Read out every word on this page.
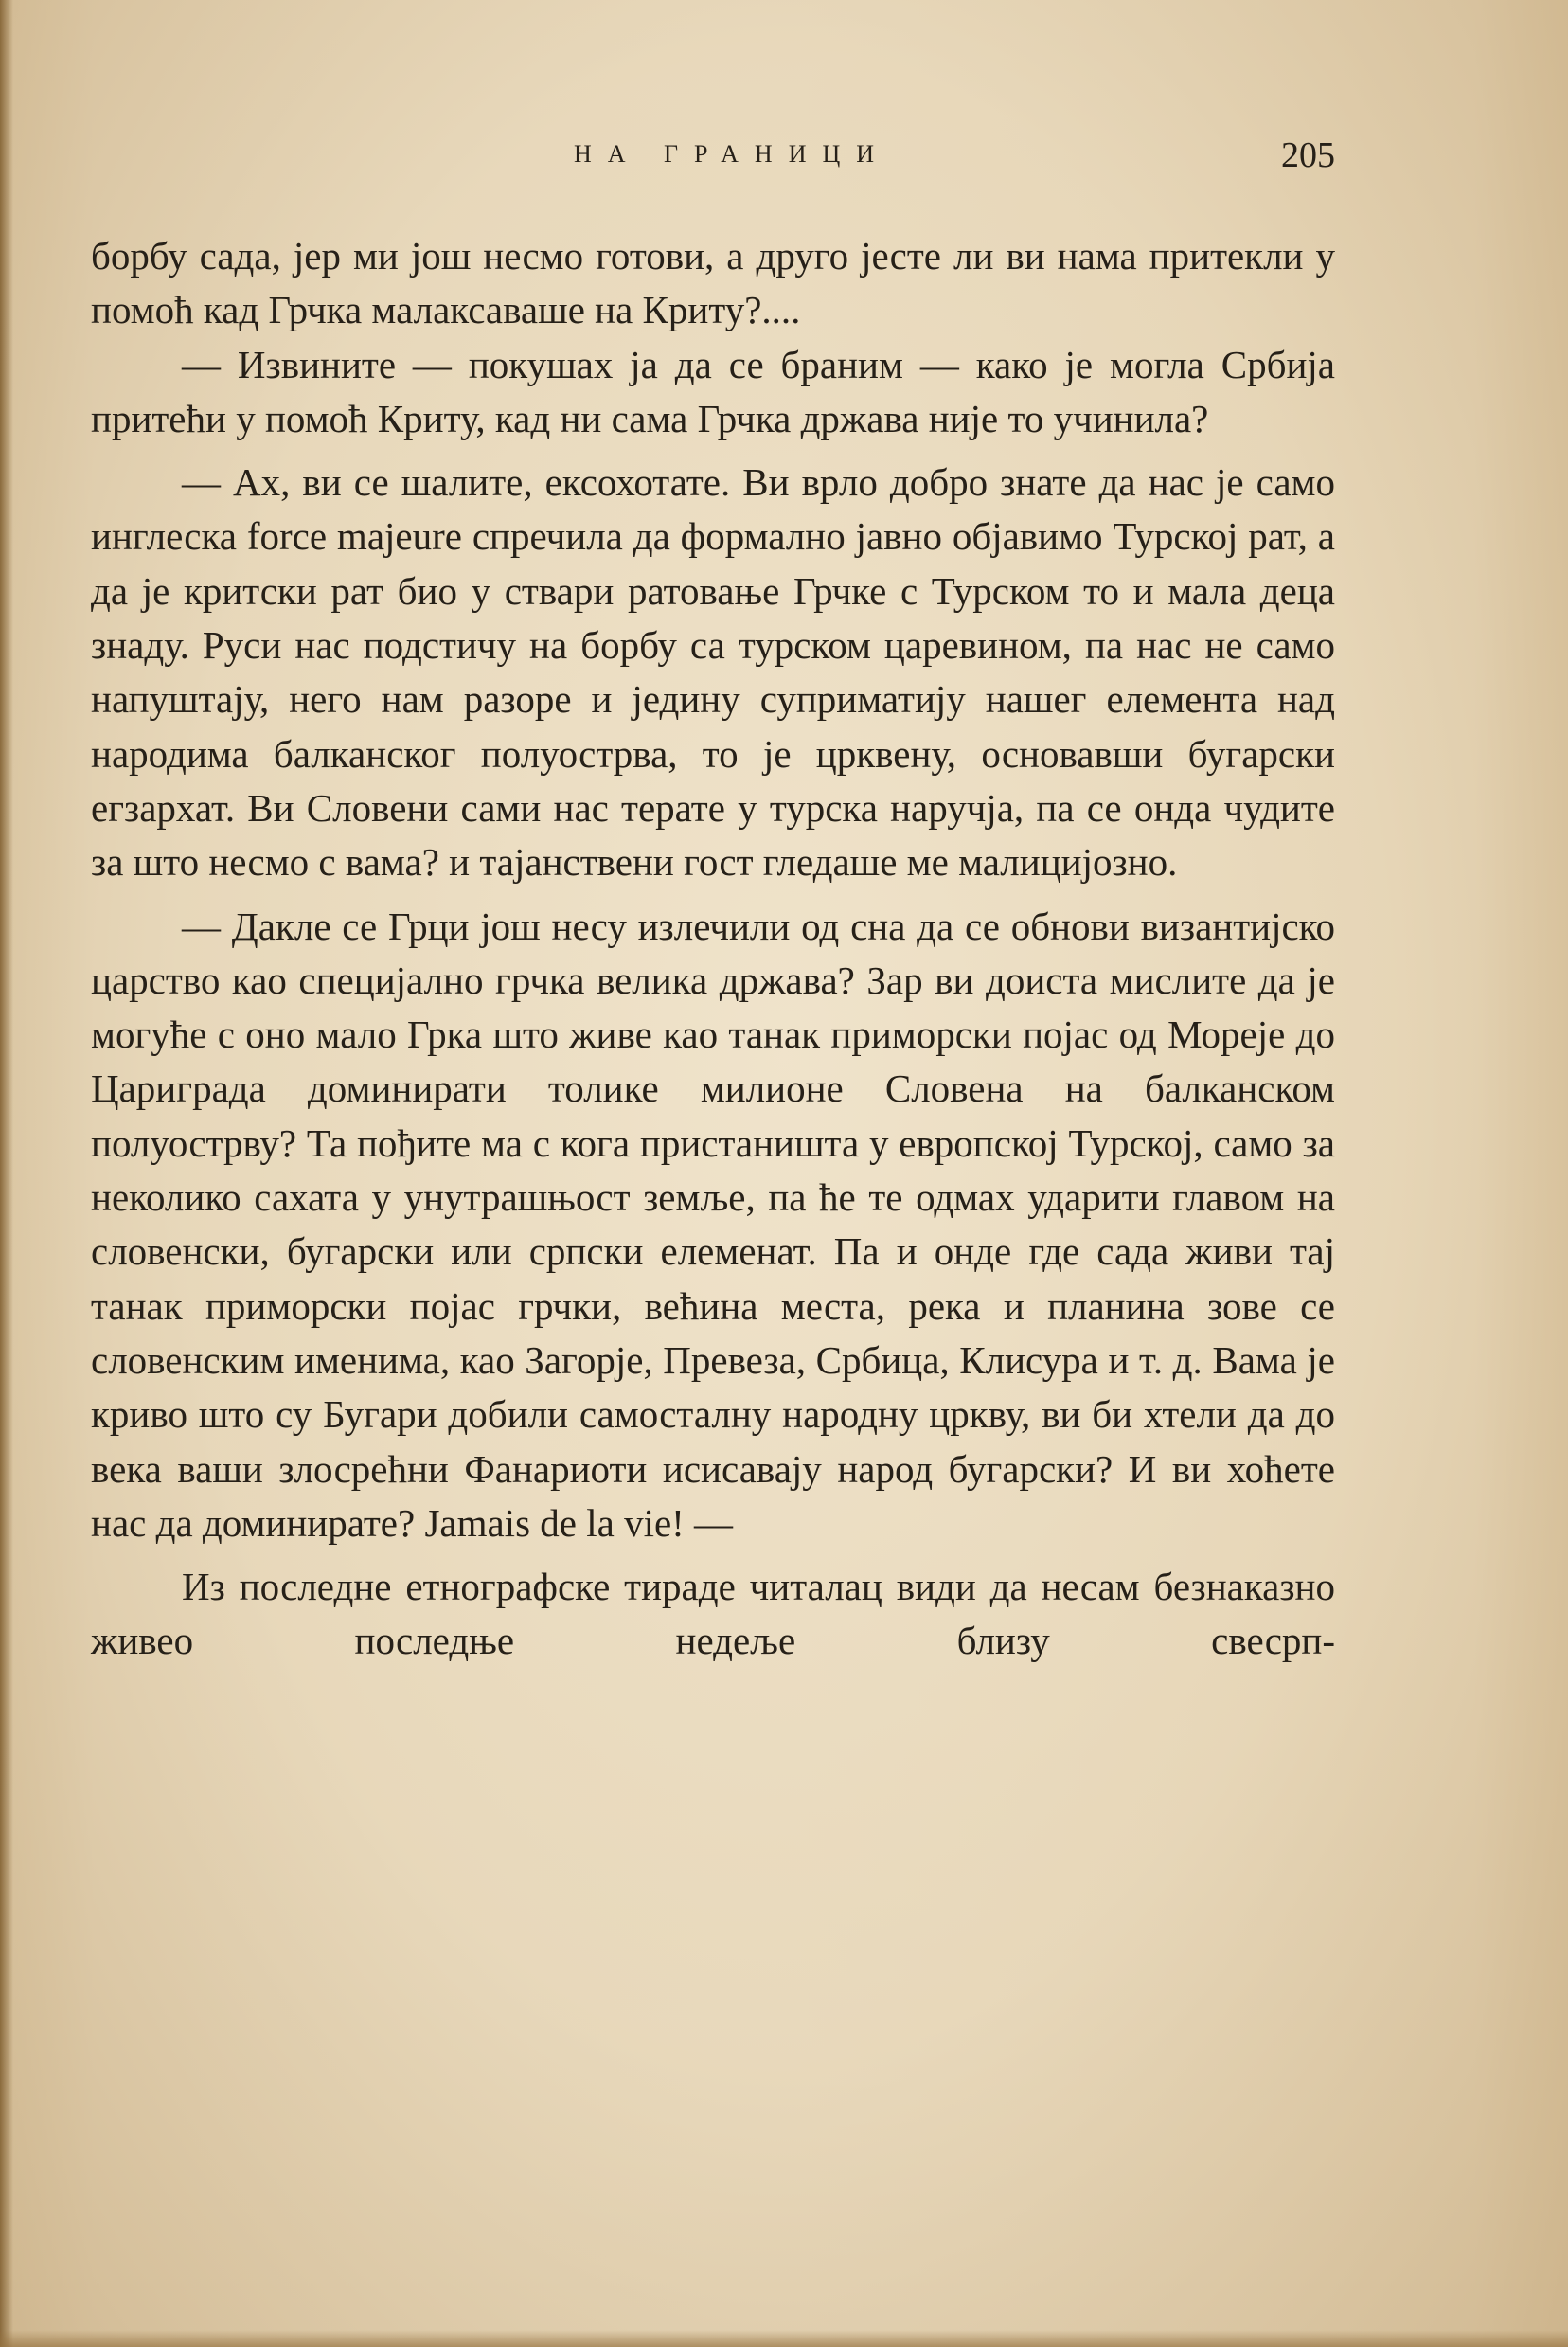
НА ГРАНИЦИ	205

борбу сада, јер ми још несмо готови, а друго јесте ли ви нама притекли у помоћ кад Грчка малаксаваше на Криту?....

— Извините — покушах ја да се браним — како је могла Србија притећи у помоћ Криту, кад ни сама Грчка држава није то учинила?

— Ах, ви се шалите, ексохотате. Ви врло добро знате да нас је само инглеска force majeure спречила да формално јавно објавимо Турској рат, а да је критски рат био у ствари ратовање Грчке с Турском то и мала деца знаду. Руси нас подстичу на борбу са турском царевином, па нас не само напуштају, него нам разоре и једину суприматију нашег елемента над народима балканског полуострва, то је црквену, основавши бугарски егзархат. Ви Словени сами нас терате у турска наручја, па се онда чудите за што несмо с вама? и тајанствени гост гледаше ме малицијозно.

— Дакле се Грци још несу излечили од сна да се обнови византијско царство као специјално грчка велика држава? Зар ви доиста мислите да је могуће с оно мало Грка што живе као танак приморски појас од Мореје до Цариграда доминирати толике милионе Словена на балканском полуострву? Та пођите ма с кога пристаништа у европској Турској, само за неколико сахата у унутрашњост земље, па ће те одмах ударити главом на словенски, бугарски или српски елеменат. Па и онде где сада живи тај танак приморски појас грчки, већина места, река и планина зове се словенским именима, као Загорје, Превеза, Србица, Клисура и т. д. Вама је криво што су Бугари добили самосталну народну цркву, ви би хтели да до века ваши злосрећни Фанариоти исисавају народ бугарски? И ви хоћете нас да доминирате? Jamais de la vie! —

Из последне етнографске тираде читалац види да несам безнаказно живео последње недеље близу свесрп-
